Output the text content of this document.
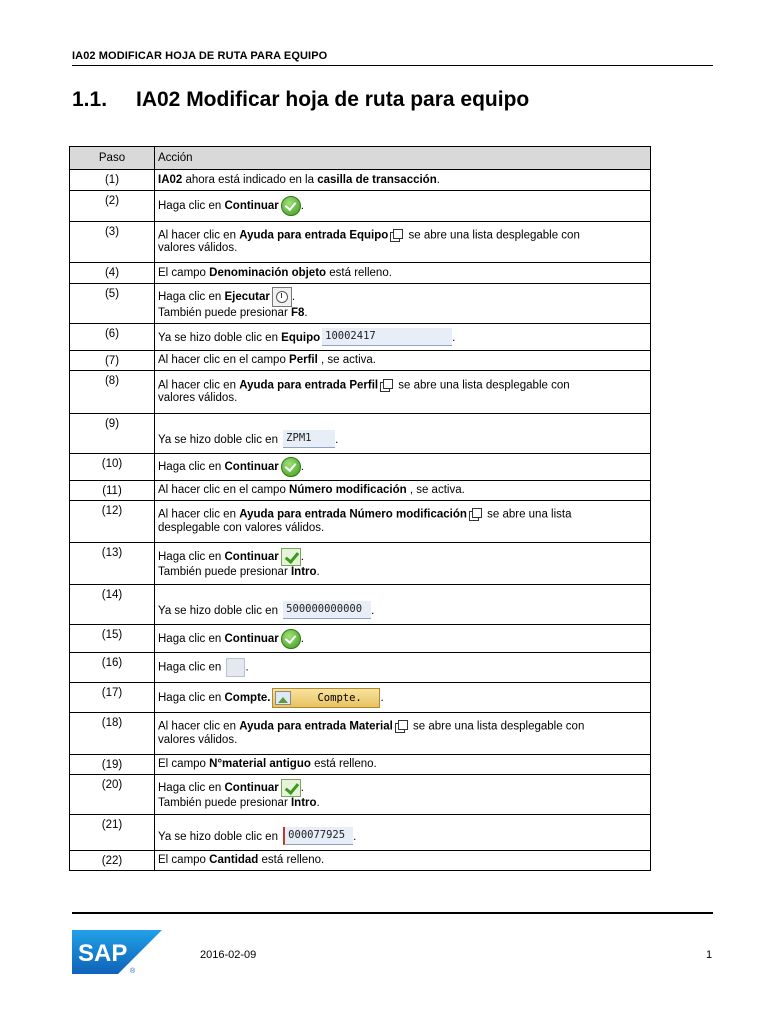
IA02 MODIFICAR HOJA DE RUTA PARA EQUIPO
1.1. IA02 Modificar hoja de ruta para equipo
Paso	Acción
(1)	IA02 ahora está indicado en la casilla de transacción.
(2)	Haga clic en Continuar .
(3)	Al hacer clic en Ayuda para entrada Equipo se abre una lista desplegable con
valores válidos.
(4)	El campo Denominación objeto está relleno.
(5)	Haga clic en Ejecutar .
También puede presionar F8.
(6)	Ya se hizo doble clic en Equipo 10002417 .
(7)	Al hacer clic en el campo Perfil , se activa.
(8)	Al hacer clic en Ayuda para entrada Perfil se abre una lista desplegable con
valores válidos.
(9)	Ya se hizo doble clic en ZPM1 .
(10)	Haga clic en Continuar .
(11)	Al hacer clic en el campo Número modificación , se activa.
(12)	Al hacer clic en Ayuda para entrada Número modificación se abre una lista
desplegable con valores válidos.
(13)	Haga clic en Continuar .
También puede presionar Intro.
(14)	Ya se hizo doble clic en 500000000000 .
(15)	Haga clic en Continuar .
(16)	Haga clic en .
(17)	Haga clic en Compte. Compte. .
(18)	Al hacer clic en Ayuda para entrada Material se abre una lista desplegable con
valores válidos.
(19)	El campo N°material antiguo está relleno.
(20)	Haga clic en Continuar .
También puede presionar Intro.
(21)	Ya se hizo doble clic en 000077925 .
(22)	El campo Cantidad está relleno.
SAP
®
2016-02-09	1
